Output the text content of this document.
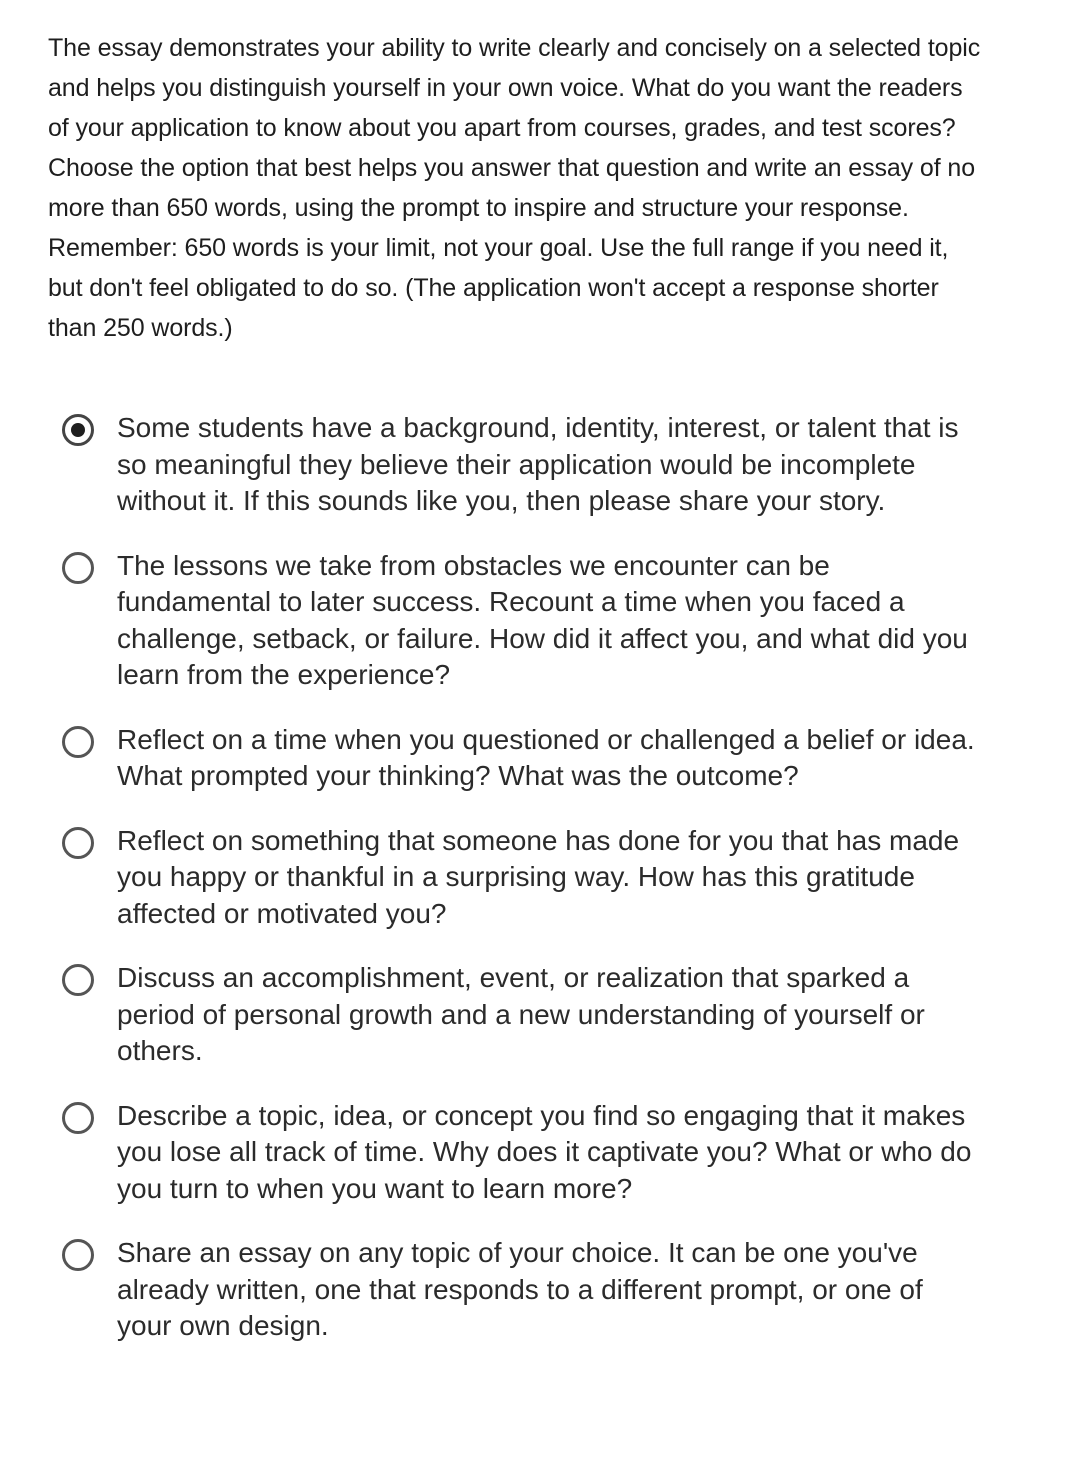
The essay demonstrates your ability to write clearly and concisely on a selected topic and helps you distinguish yourself in your own voice. What do you want the readers of your application to know about you apart from courses, grades, and test scores? Choose the option that best helps you answer that question and write an essay of no more than 650 words, using the prompt to inspire and structure your response. Remember: 650 words is your limit, not your goal. Use the full range if you need it, but don't feel obligated to do so. (The application won't accept a response shorter than 250 words.)

Some students have a background, identity, interest, or talent that is so meaningful they believe their application would be incomplete without it. If this sounds like you, then please share your story.
The lessons we take from obstacles we encounter can be fundamental to later success. Recount a time when you faced a challenge, setback, or failure. How did it affect you, and what did you learn from the experience?
Reflect on a time when you questioned or challenged a belief or idea. What prompted your thinking? What was the outcome?
Reflect on something that someone has done for you that has made you happy or thankful in a surprising way. How has this gratitude affected or motivated you?
Discuss an accomplishment, event, or realization that sparked a period of personal growth and a new understanding of yourself or others.
Describe a topic, idea, or concept you find so engaging that it makes you lose all track of time. Why does it captivate you? What or who do you turn to when you want to learn more?
Share an essay on any topic of your choice. It can be one you've already written, one that responds to a different prompt, or one of your own design.
